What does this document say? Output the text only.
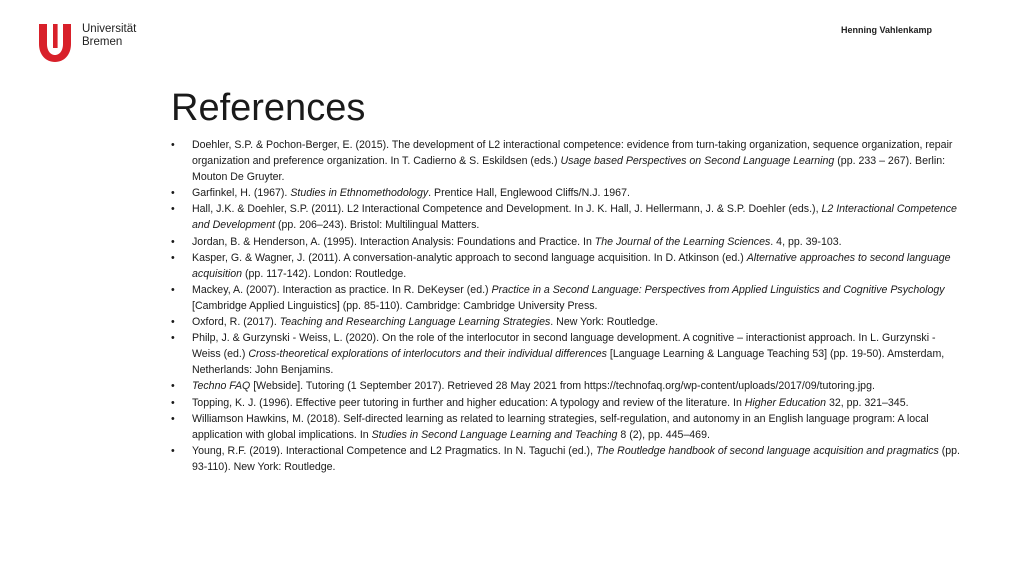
Universität
Bremen
Henning Vahlenkamp
References
• Doehler, S.P. & Pochon-Berger, E. (2015). The development of L2 interactional competence: evidence from turn-taking organization, sequence organization, repair organization and preference organization. In T. Cadierno & S. Eskildsen (eds.) Usage based Perspectives on Second Language Learning (pp. 233 – 267). Berlin: Mouton De Gruyter.
• Garfinkel, H. (1967). Studies in Ethnomethodology. Prentice Hall, Englewood Cliffs/N.J. 1967.
• Hall, J.K. & Doehler, S.P. (2011). L2 Interactional Competence and Development. In J. K. Hall, J. Hellermann, J. & S.P. Doehler (eds.), L2 Interactional Competence and Development (pp. 206–243). Bristol: Multilingual Matters.
• Jordan, B. & Henderson, A. (1995). Interaction Analysis: Foundations and Practice. In The Journal of the Learning Sciences. 4, pp. 39-103.
• Kasper, G. & Wagner, J. (2011). A conversation-analytic approach to second language acquisition. In D. Atkinson (ed.) Alternative approaches to second language acquisition (pp. 117-142). London: Routledge.
• Mackey, A. (2007). Interaction as practice. In R. DeKeyser (ed.) Practice in a Second Language: Perspectives from Applied Linguistics and Cognitive Psychology [Cambridge Applied Linguistics] (pp. 85-110). Cambridge: Cambridge University Press.
• Oxford, R. (2017). Teaching and Researching Language Learning Strategies. New York: Routledge.
• Philp, J. & Gurzynski - Weiss, L. (2020). On the role of the interlocutor in second language development. A cognitive – interactionist approach. In L. Gurzynski - Weiss (ed.) Cross-theoretical explorations of interlocutors and their individual differences [Language Learning & Language Teaching 53] (pp. 19-50). Amsterdam, Netherlands: John Benjamins.
• Techno FAQ [Webside]. Tutoring (1 September 2017). Retrieved 28 May 2021 from https://technofaq.org/wp-content/uploads/2017/09/tutoring.jpg.
• Topping, K. J. (1996). Effective peer tutoring in further and higher education: A typology and review of the literature. In Higher Education 32, pp. 321–345.
• Williamson Hawkins, M. (2018). Self-directed learning as related to learning strategies, self-regulation, and autonomy in an English language program: A local application with global implications. In Studies in Second Language Learning and Teaching 8 (2), pp. 445–469.
• Young, R.F. (2019). Interactional Competence and L2 Pragmatics. In N. Taguchi (ed.), The Routledge handbook of second language acquisition and pragmatics (pp. 93-110). New York: Routledge.
